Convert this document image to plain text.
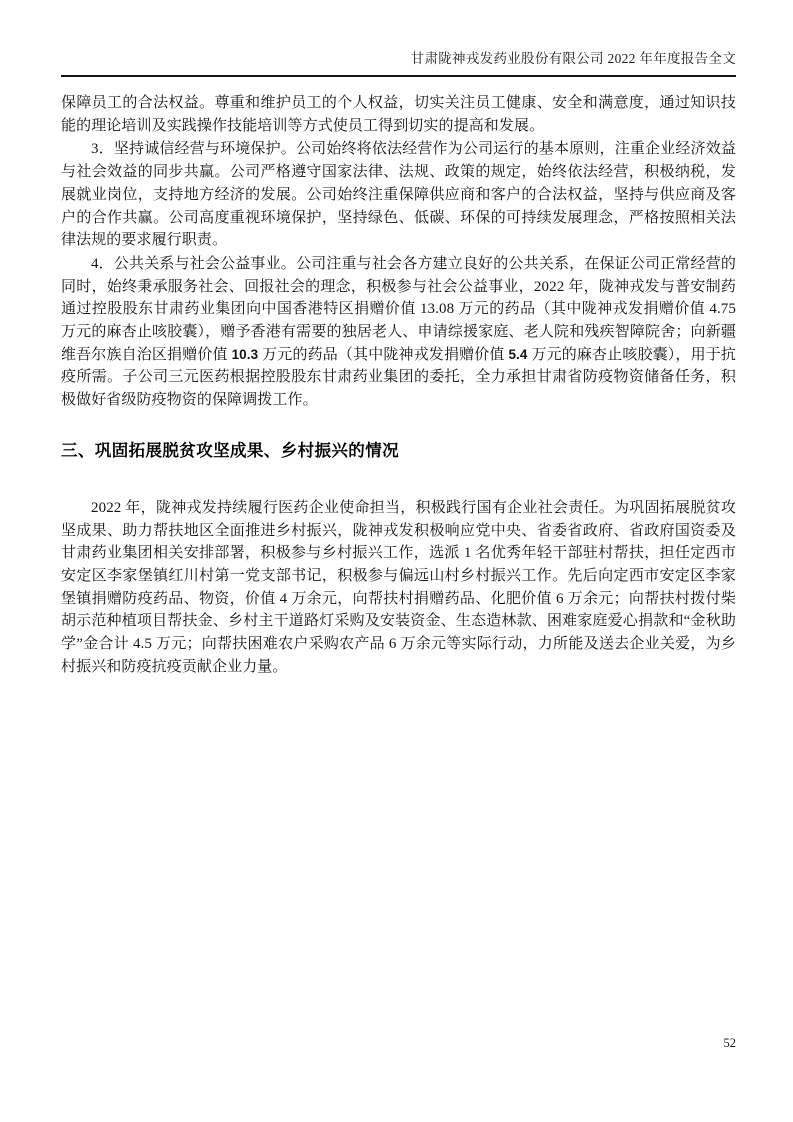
甘肃陇神戎发药业股份有限公司 2022 年年度报告全文

保障员工的合法权益。尊重和维护员工的个人权益，切实关注员工健康、安全和满意度，通过知识技能的理论培训及实践操作技能培训等方式使员工得到切实的提高和发展。

3．坚持诚信经营与环境保护。公司始终将依法经营作为公司运行的基本原则，注重企业经济效益与社会效益的同步共赢。公司严格遵守国家法律、法规、政策的规定，始终依法经营，积极纳税，发展就业岗位，支持地方经济的发展。公司始终注重保障供应商和客户的合法权益，坚持与供应商及客户的合作共赢。公司高度重视环境保护，坚持绿色、低碳、环保的可持续发展理念，严格按照相关法律法规的要求履行职责。

4．公共关系与社会公益事业。公司注重与社会各方建立良好的公共关系，在保证公司正常经营的同时，始终秉承服务社会、回报社会的理念，积极参与社会公益事业，2022 年，陇神戎发与普安制药通过控股股东甘肃药业集团向中国香港特区捐赠价值 13.08 万元的药品（其中陇神戎发捐赠价值 4.75 万元的麻杏止咳胶囊），赠予香港有需要的独居老人、申请综援家庭、老人院和残疾智障院舍；向新疆维吾尔族自治区捐赠价值 10.3 万元的药品（其中陇神戎发捐赠价值 5.4 万元的麻杏止咳胶囊），用于抗疫所需。子公司三元医药根据控股股东甘肃药业集团的委托，全力承担甘肃省防疫物资储备任务，积极做好省级防疫物资的保障调拨工作。

三、巩固拓展脱贫攻坚成果、乡村振兴的情况

2022 年，陇神戎发持续履行医药企业使命担当，积极践行国有企业社会责任。为巩固拓展脱贫攻坚成果、助力帮扶地区全面推进乡村振兴，陇神戎发积极响应党中央、省委省政府、省政府国资委及甘肃药业集团相关安排部署，积极参与乡村振兴工作，选派 1 名优秀年轻干部驻村帮扶，担任定西市安定区李家堡镇红川村第一党支部书记，积极参与偏远山村乡村振兴工作。先后向定西市安定区李家堡镇捐赠防疫药品、物资，价值 4 万余元，向帮扶村捐赠药品、化肥价值 6 万余元；向帮扶村拨付柴胡示范种植项目帮扶金、乡村主干道路灯采购及安装资金、生态造林款、困难家庭爱心捐款和“金秋助学”金合计 4.5 万元；向帮扶困难农户采购农产品 6 万余元等实际行动，力所能及送去企业关爱，为乡村振兴和防疫抗疫贡献企业力量。

52
